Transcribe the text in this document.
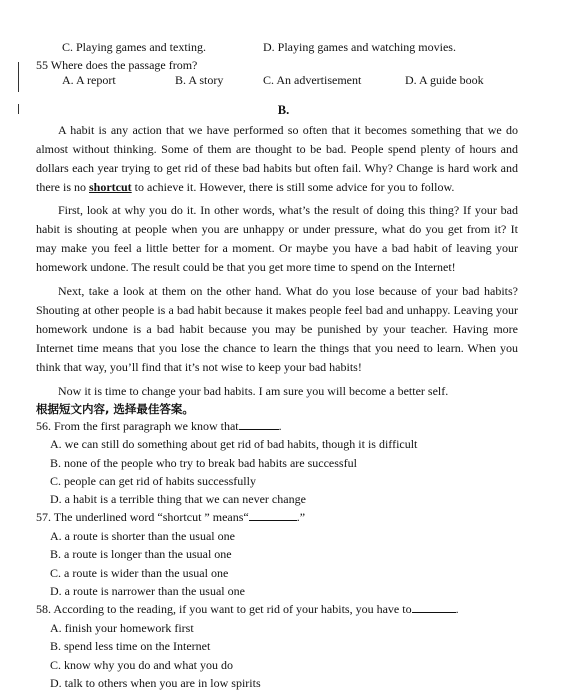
C. Playing games and texting.	D. Playing games and watching movies.
55 Where does the passage from?
A. A report	B. A story	C. An advertisement	D. A guide book
B.
A habit is any action that we have performed so often that it becomes something that we do almost without thinking. Some of them are thought to be bad. People spend plenty of hours and dollars each year trying to get rid of these bad habits but often fail. Why? Change is hard work and there is no shortcut to achieve it. However, there is still some advice for you to follow.
First, look at why you do it. In other words, what’s the result of doing this thing? If your bad habit is shouting at people when you are unhappy or under pressure, what do you get from it? It may make you feel a little better for a moment. Or maybe you have a bad habit of leaving your homework undone. The result could be that you get more time to spend on the Internet!
Next, take a look at them on the other hand. What do you lose because of your bad habits? Shouting at other people is a bad habit because it makes people feel bad and unhappy. Leaving your homework undone is a bad habit because you may be punished by your teacher. Having more Internet time means that you lose the chance to learn the things that you need to learn. When you think that way, you’ll find that it’s not wise to keep your bad habits!
Now it is time to change your bad habits. I am sure you will become a better self.
根据短文内容, 选择最佳答案。
56. From the first paragraph we know that	.
A. we can still do something about get rid of bad habits, though it is difficult
B. none of the people who try to break bad habits are successful
C. people can get rid of habits successfully
D. a habit is a terrible thing that we can never change
57. The underlined word “shortcut ” means“	.”
A. a route is shorter than the usual one
B. a route is longer than the usual one
C. a route is wider than the usual one
D. a route is narrower than the usual one
58. According to the reading, if you want to get rid of your habits, you have to	.
A. finish your homework first
B. spend less time on the Internet
C. know why you do and what you do
D. talk to others when you are in low spirits
